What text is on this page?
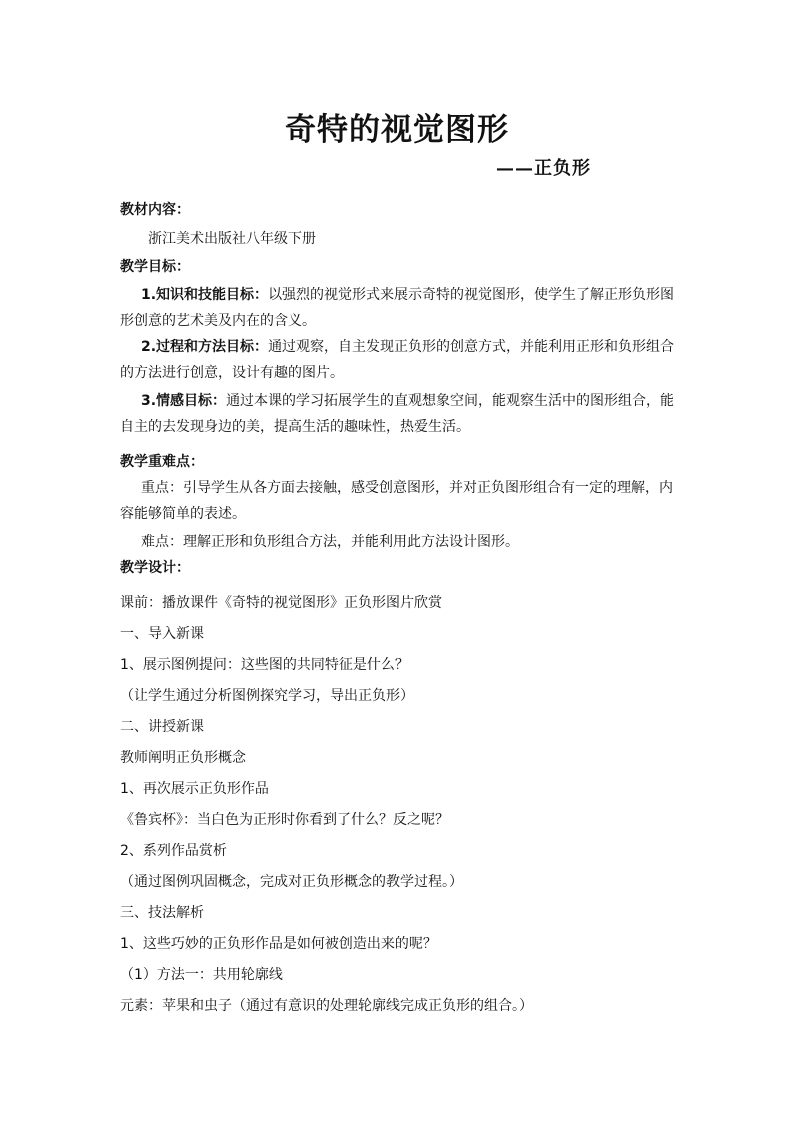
奇特的视觉图形
——正负形
教材内容：
浙江美术出版社八年级下册
教学目标：
1.知识和技能目标：以强烈的视觉形式来展示奇特的视觉图形，使学生了解正形负形图
形创意的艺术美及内在的含义。
2.过程和方法目标：通过观察，自主发现正负形的创意方式，并能利用正形和负形组合
的方法进行创意，设计有趣的图片。
3.情感目标：通过本课的学习拓展学生的直观想象空间，能观察生活中的图形组合，能
自主的去发现身边的美，提高生活的趣味性，热爱生活。
教学重难点：
重点：引导学生从各方面去接触，感受创意图形，并对正负图形组合有一定的理解，内
容能够简单的表述。
难点：理解正形和负形组合方法，并能利用此方法设计图形。
教学设计：
课前：播放课件《奇特的视觉图形》正负形图片欣赏
一、导入新课
1、展示图例提问：这些图的共同特征是什么？
（让学生通过分析图例探究学习，导出正负形）
二、讲授新课
教师阐明正负形概念
1、再次展示正负形作品
《鲁宾杯》：当白色为正形时你看到了什么？反之呢？
2、系列作品赏析
（通过图例巩固概念，完成对正负形概念的教学过程。）
三、技法解析
1、这些巧妙的正负形作品是如何被创造出来的呢？
（1）方法一：共用轮廓线
元素：苹果和虫子（通过有意识的处理轮廓线完成正负形的组合。）
